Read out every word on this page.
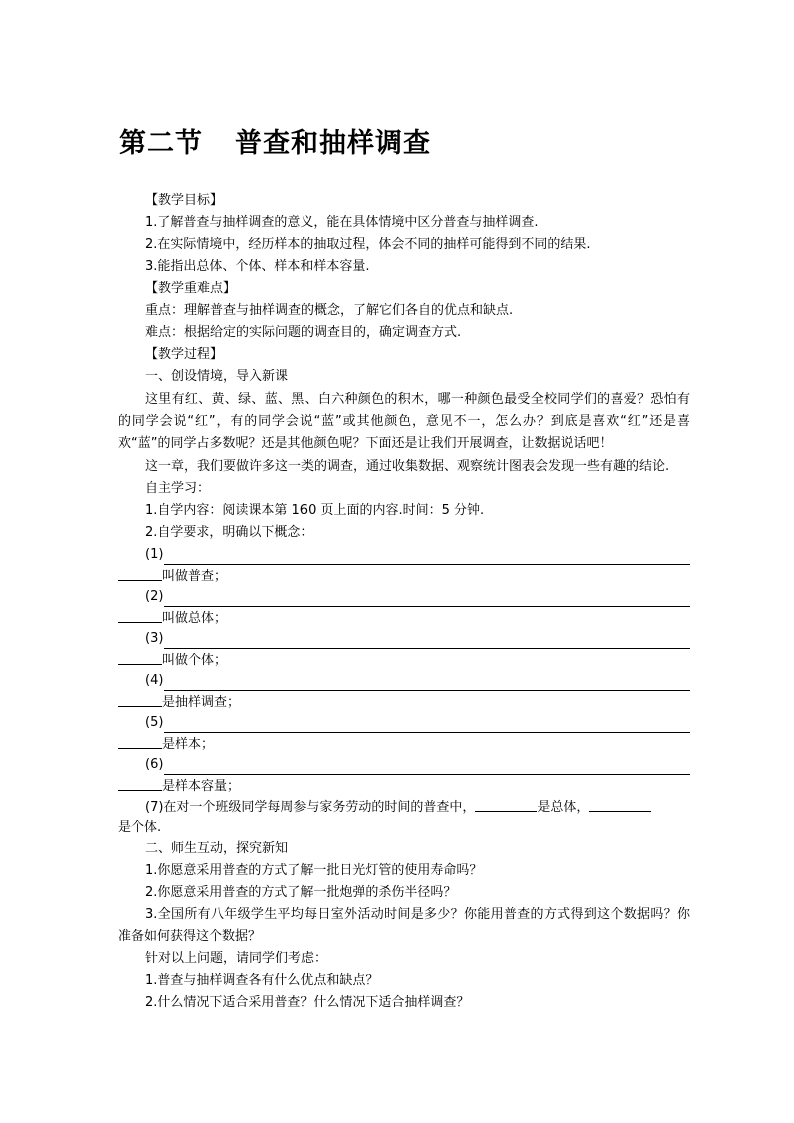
第二节 普查和抽样调查
【教学目标】
1.了解普查与抽样调查的意义，能在具体情境中区分普查与抽样调查.
2.在实际情境中，经历样本的抽取过程，体会不同的抽样可能得到不同的结果.
3.能指出总体、个体、样本和样本容量.
【教学重难点】
重点：理解普查与抽样调查的概念，了解它们各自的优点和缺点.
难点：根据给定的实际问题的调查目的，确定调查方式.
【教学过程】
一、创设情境，导入新课
这里有红、黄、绿、蓝、黑、白六种颜色的积木，哪一种颜色最受全校同学们的喜爱？恐怕有的同学会说“红”，有的同学会说“蓝”或其他颜色，意见不一，怎么办？到底是喜欢“红”还是喜欢“蓝”的同学占多数呢？还是其他颜色呢？下面还是让我们开展调查，让数据说话吧！
这一章，我们要做许多这一类的调查，通过收集数据、观察统计图表会发现一些有趣的结论.
自主学习：
1.自学内容：阅读课本第 160 页上面的内容.时间：5 分钟.
2.自学要求，明确以下概念：
(1)
叫做普查；
(2)
叫做总体；
(3)
叫做个体；
(4)
是抽样调查；
(5)
是样本；
(6)
是样本容量；
(7)在对一个班级同学每周参与家务劳动的时间的普查中，	是总体，
是个体.
二、师生互动，探究新知
1.你愿意采用普查的方式了解一批日光灯管的使用寿命吗？
2.你愿意采用普查的方式了解一批炮弹的杀伤半径吗？
3.全国所有八年级学生平均每日室外活动时间是多少？你能用普查的方式得到这个数据吗？你准备如何获得这个数据？
针对以上问题，请同学们考虑：
1.普查与抽样调查各有什么优点和缺点？
2.什么情况下适合采用普查？什么情况下适合抽样调查？
